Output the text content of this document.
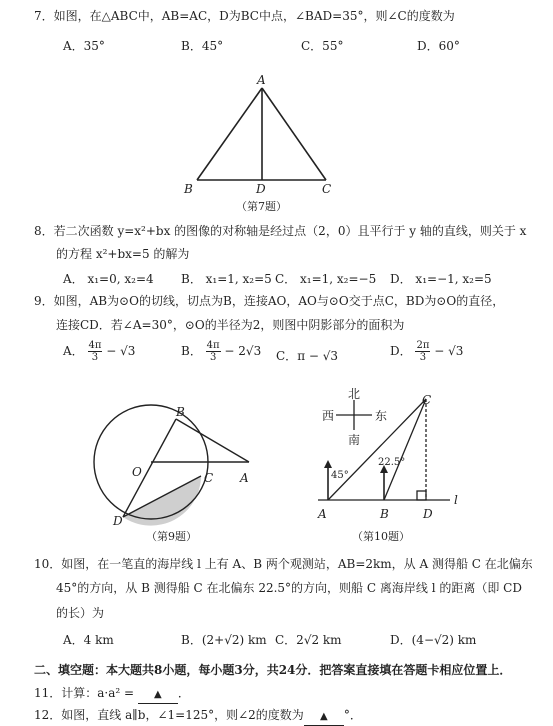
7．如图，在△ABC中，AB=AC，D为BC中点，∠BAD=35°，则∠C的度数为
A．35°	B．45°	C．55°	D．60°
A
B	D	C
（第7题）
B
O	C A
D
（第9题）
北
西	东
南
45°
22.5°
C
A	B	D
l
（第10题）
8．若二次函数 y=x²+bx 的图像的对称轴是经过点（2，0）且平行于 y 轴的直线，则关于 x
的方程 x²+bx=5 的解为
A． x₁=0, x₂=4 B． x₁=1, x₂=5 C． x₁=1, x₂=−5 D． x₁=−1, x₂=5
9．如图，AB为⊙O的切线，切点为B，连接AO，AO与⊙O交于点C，BD为⊙O的直径，
连接CD．若∠A=30°，⊙O的半径为2，则图中阴影部分的面积为
A． $\frac{4\pi}{3} - √3$	B． $\frac{4\pi}{3} - 2√3$ C．π − √3	D． $\frac{2\pi}{3} - √3$
10．如图，在一笔直的海岸线 l 上有 A、B 两个观测站，AB=2km，从 A 测得船 C 在北偏东
45°的方向，从 B 测得船 C 在北偏东 22.5°的方向，则船 C 离海岸线 l 的距离（即 CD
的长）为
A．4 km	B．(2+√2) km C．2√2 km	D．(4−√2) km
二、填空题：本大题共8小题，每小题3分，共24分．把答案直接填在答题卡相应位置上．
11．计算：a·a² = ▲ ．
12．如图，直线 a∥b，∠1=125°，则∠2的度数为 ▲ °．
